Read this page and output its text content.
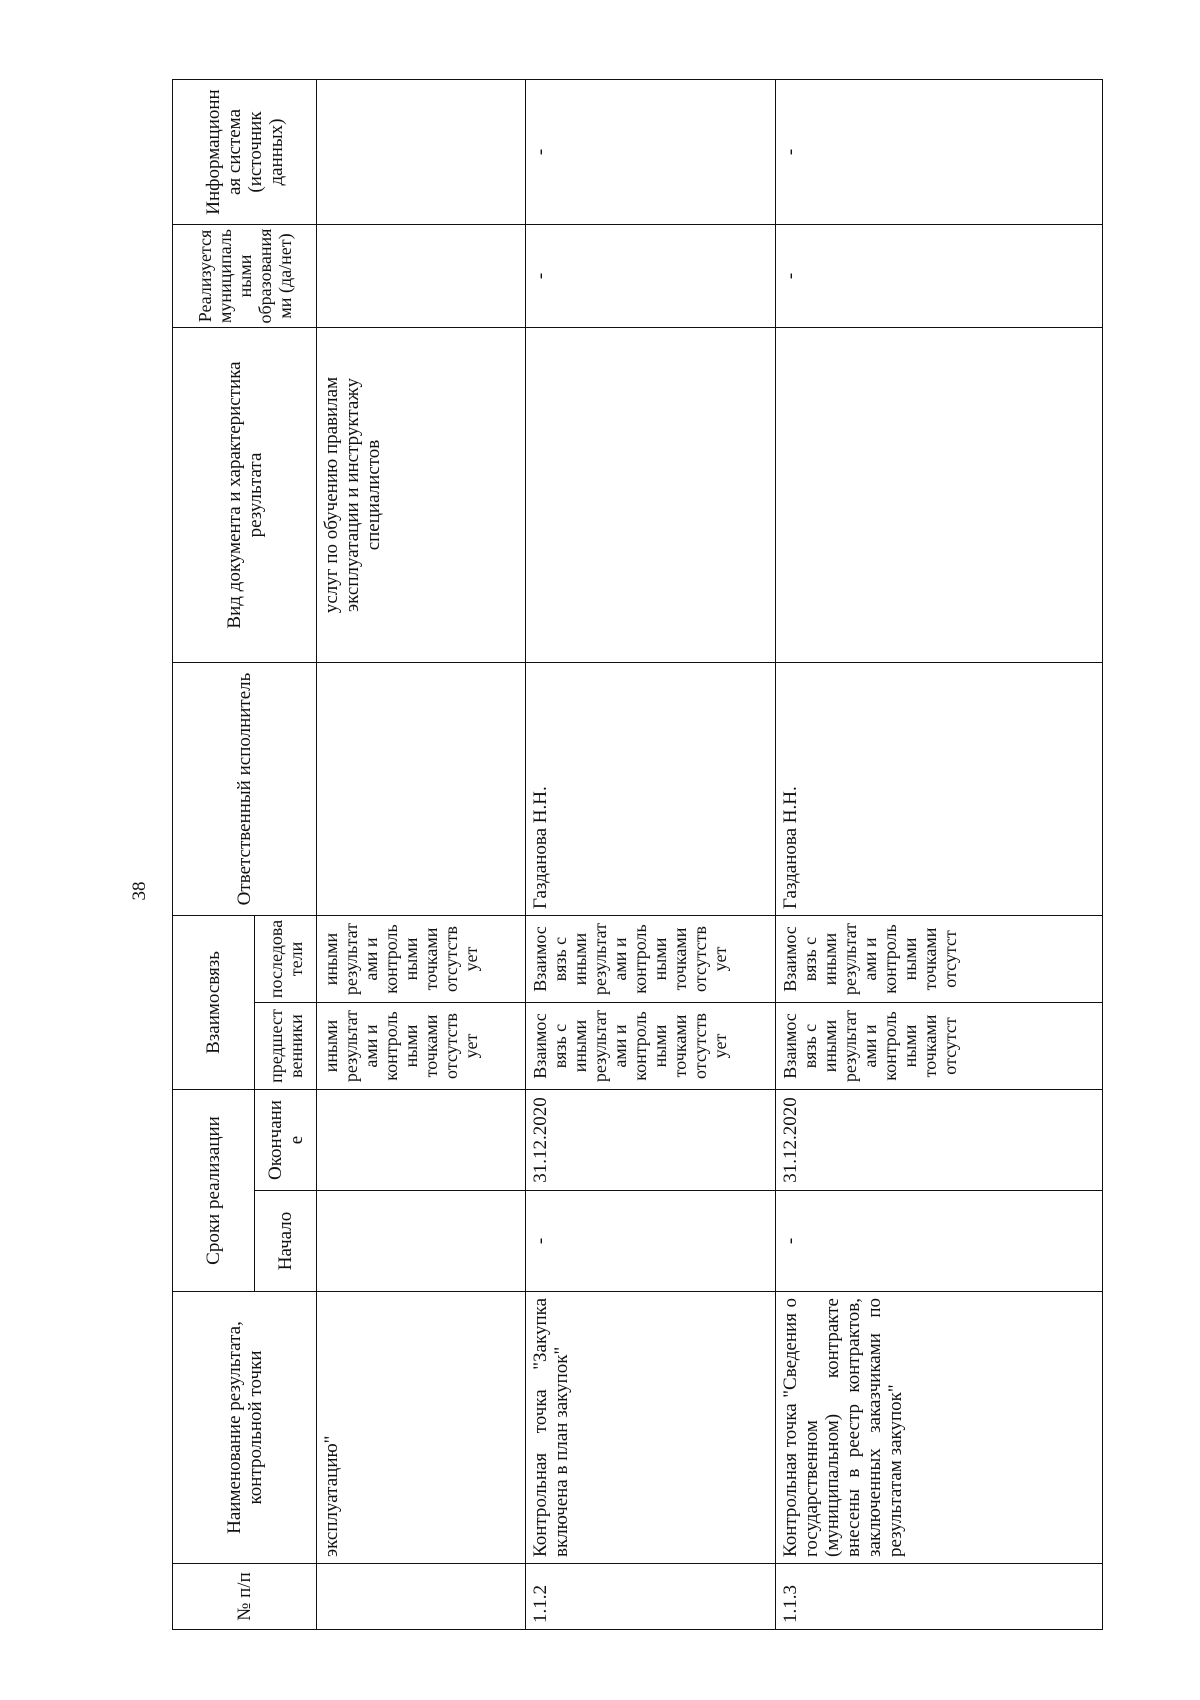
38
№ п/п	Наименование результата, контрольной точки	Сроки реализации		Взаимосвязь		Ответственный исполнитель	Вид документа и характеристика результата	Реализуется муниципальными образованиями (да/нет)	Информационная система (источник данных)
		Начало	Окончание	предшественники	последователи				
	эксплуатацию"			иными результатами и контрольными точками отсутствует	иными результатами и контрольными точками отсутствует		услуг по обучению правилам эксплуатации и инструктажу специалистов		
1.1.2	Контрольная точка "Закупка включена в план закупок"	-	31.12.2020	Взаимосвязь с иными результатами и контрольными точками отсутствует	Взаимосвязь с иными результатами и контрольными точками отсутствует	Газданова Н.Н.		-	-
1.1.3	Контрольная точка "Сведения о государственном (муниципальном) контракте внесены в реестр контрактов, заключенных заказчиками по результатам закупок"	-	31.12.2020	Взаимосвязь с иными результатами и контрольными точками отсутст	Взаимосвязь с иными результатами и контрольными точками отсутст	Газданова Н.Н.		-	-
